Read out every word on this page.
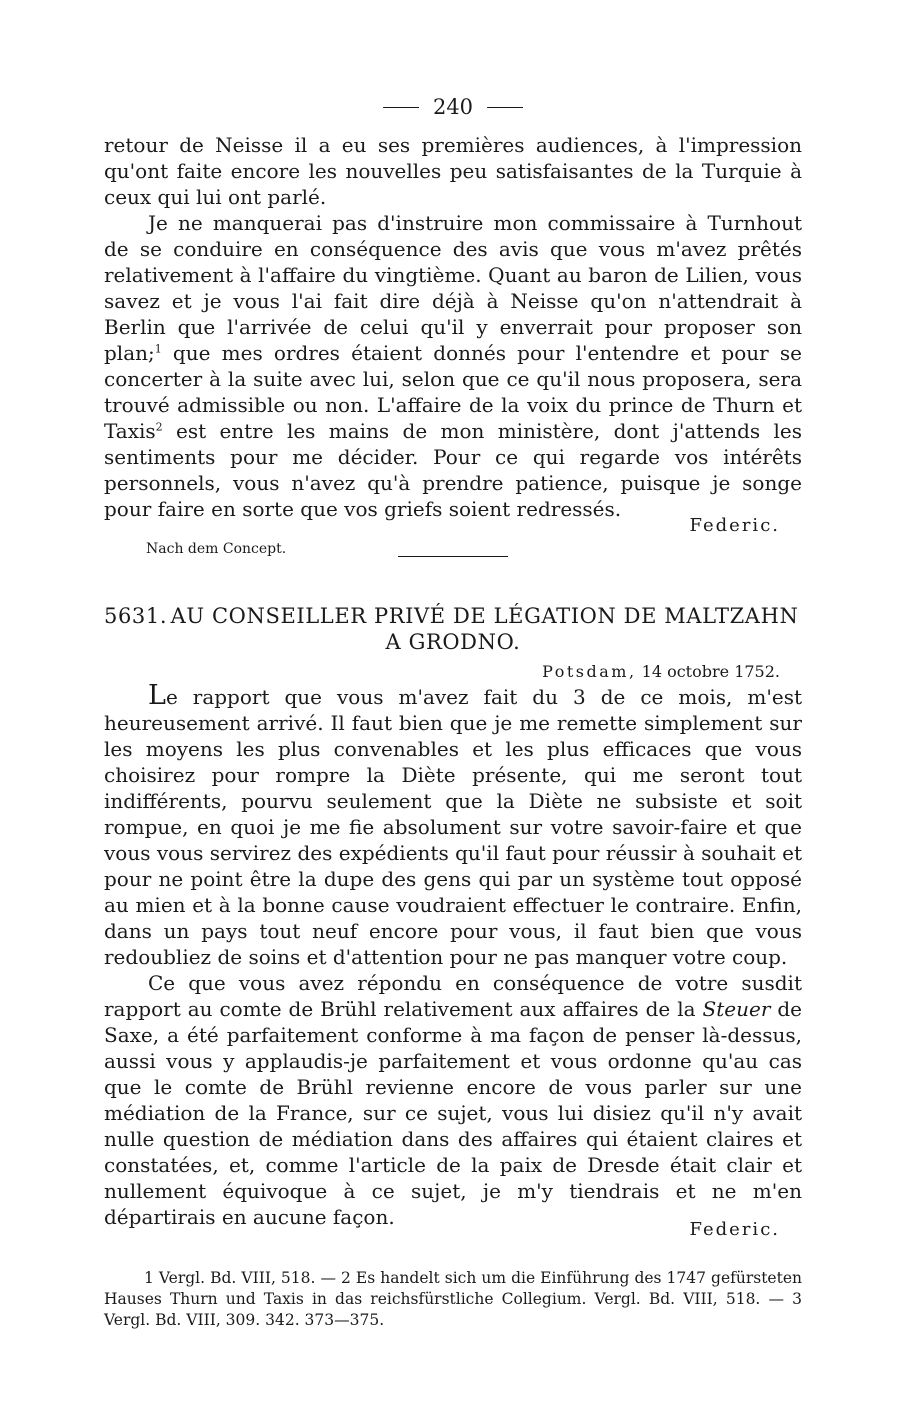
240

retour de Neisse il a eu ses premières audiences, à l'impression qu'ont faite encore les nouvelles peu satisfaisantes de la Turquie à ceux qui lui ont parlé.

Je ne manquerai pas d'instruire mon commissaire à Turnhout de se conduire en conséquence des avis que vous m'avez prêtés relativement à l'affaire du vingtième. Quant au baron de Lilien, vous savez et je vous l'ai fait dire déjà à Neisse qu'on n'attendrait à Berlin que l'arrivée de celui qu'il y enverrait pour proposer son plan;$^1$ que mes ordres étaient donnés pour l'entendre et pour se concerter à la suite avec lui, selon que ce qu'il nous proposera, sera trouvé admissible ou non. L'affaire de la voix du prince de Thurn et Taxis$^2$ est entre les mains de mon ministère, dont j'attends les sentiments pour me décider. Pour ce qui regarde vos intérêts personnels, vous n'avez qu'à prendre patience, puisque je songe pour faire en sorte que vos griefs soient redressés.

Federic.
Nach dem Concept.
5631. AU CONSEILLER PRIVÉ DE LÉGATION DE MALTZAHN A GRODNO.
Potsdam, 14 octobre 1752.

Le rapport que vous m'avez fait du 3 de ce mois, m'est heureusement arrivé. Il faut bien que je me remette simplement sur les moyens les plus convenables et les plus efficaces que vous choisirez pour rompre la Diète présente, qui me seront tout indifférents, pourvu seulement que la Diète ne subsiste et soit rompue, en quoi je me fie absolument sur votre savoir-faire et que vous vous servirez des expédients qu'il faut pour réussir à souhait et pour ne point être la dupe des gens qui par un système tout opposé au mien et à la bonne cause voudraient effectuer le contraire. Enfin, dans un pays tout neuf encore pour vous, il faut bien que vous redoubliez de soins et d'attention pour ne pas manquer votre coup.

Ce que vous avez répondu en conséquence de votre susdit rapport au comte de Brühl relativement aux affaires de la Steuer de Saxe, a été parfaitement conforme à ma façon de penser là-dessus, aussi vous y applaudis-je parfaitement et vous ordonne qu'au cas que le comte de Brühl revienne encore de vous parler sur une médiation de la France, sur ce sujet, vous lui disiez qu'il n'y avait nulle question de médiation dans des affaires qui étaient claires et constatées, et, comme l'article de la paix de Dresde était clair et nullement équivoque à ce sujet, je m'y tiendrais et ne m'en départirais en aucune façon.

Federic.

1 Vergl. Bd. VIII, 518. — 2 Es handelt sich um die Einführung des 1747 gefürsteten Hauses Thurn und Taxis in das reichsfürstliche Collegium. Vergl. Bd. VIII, 518. — 3 Vergl. Bd. VIII, 309. 342. 373—375.
